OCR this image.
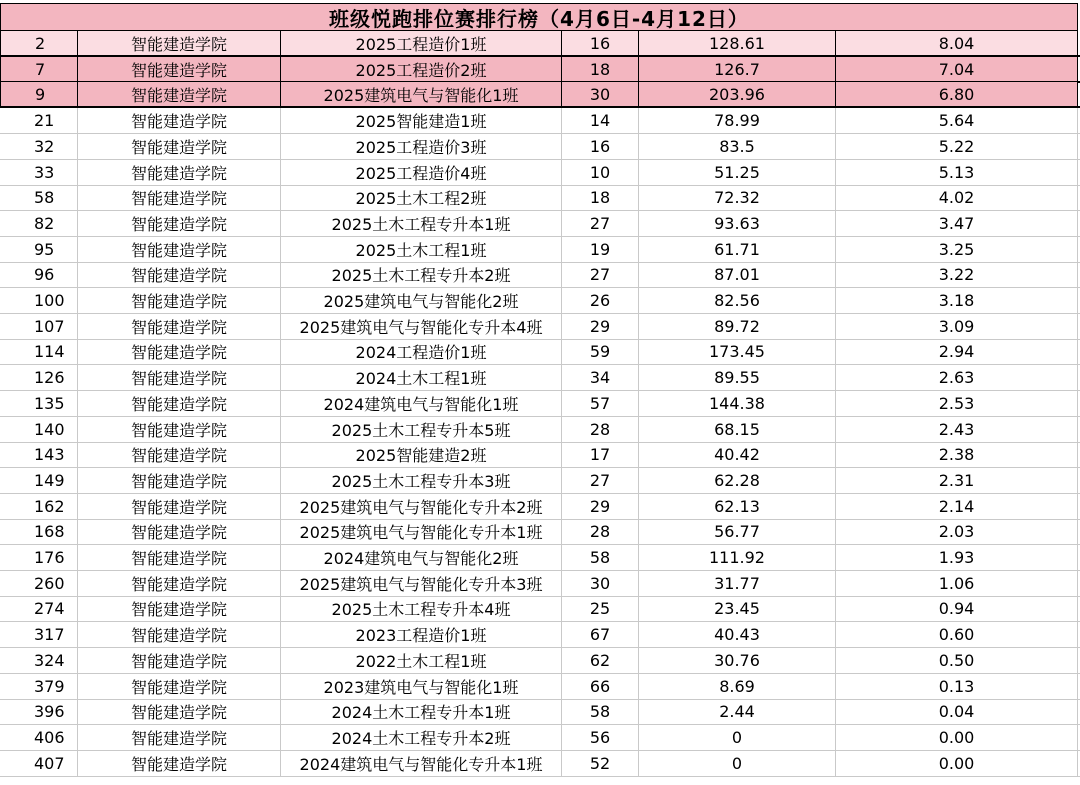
班级悦跑排位赛排行榜（4月6日-4月12日）
2	智能建造学院	2025工程造价1班	16	128.61	8.04
7	智能建造学院	2025工程造价2班	18	126.7	7.04
9	智能建造学院	2025建筑电气与智能化1班	30	203.96	6.80
21	智能建造学院	2025智能建造1班	14	78.99	5.64
32	智能建造学院	2025工程造价3班	16	83.5	5.22
33	智能建造学院	2025工程造价4班	10	51.25	5.13
58	智能建造学院	2025土木工程2班	18	72.32	4.02
82	智能建造学院	2025土木工程专升本1班	27	93.63	3.47
95	智能建造学院	2025土木工程1班	19	61.71	3.25
96	智能建造学院	2025土木工程专升本2班	27	87.01	3.22
100	智能建造学院	2025建筑电气与智能化2班	26	82.56	3.18
107	智能建造学院	2025建筑电气与智能化专升本4班	29	89.72	3.09
114	智能建造学院	2024工程造价1班	59	173.45	2.94
126	智能建造学院	2024土木工程1班	34	89.55	2.63
135	智能建造学院	2024建筑电气与智能化1班	57	144.38	2.53
140	智能建造学院	2025土木工程专升本5班	28	68.15	2.43
143	智能建造学院	2025智能建造2班	17	40.42	2.38
149	智能建造学院	2025土木工程专升本3班	27	62.28	2.31
162	智能建造学院	2025建筑电气与智能化专升本2班	29	62.13	2.14
168	智能建造学院	2025建筑电气与智能化专升本1班	28	56.77	2.03
176	智能建造学院	2024建筑电气与智能化2班	58	111.92	1.93
260	智能建造学院	2025建筑电气与智能化专升本3班	30	31.77	1.06
274	智能建造学院	2025土木工程专升本4班	25	23.45	0.94
317	智能建造学院	2023工程造价1班	67	40.43	0.60
324	智能建造学院	2022土木工程1班	62	30.76	0.50
379	智能建造学院	2023建筑电气与智能化1班	66	8.69	0.13
396	智能建造学院	2024土木工程专升本1班	58	2.44	0.04
406	智能建造学院	2024土木工程专升本2班	56	0	0.00
407	智能建造学院	2024建筑电气与智能化专升本1班	52	0	0.00
